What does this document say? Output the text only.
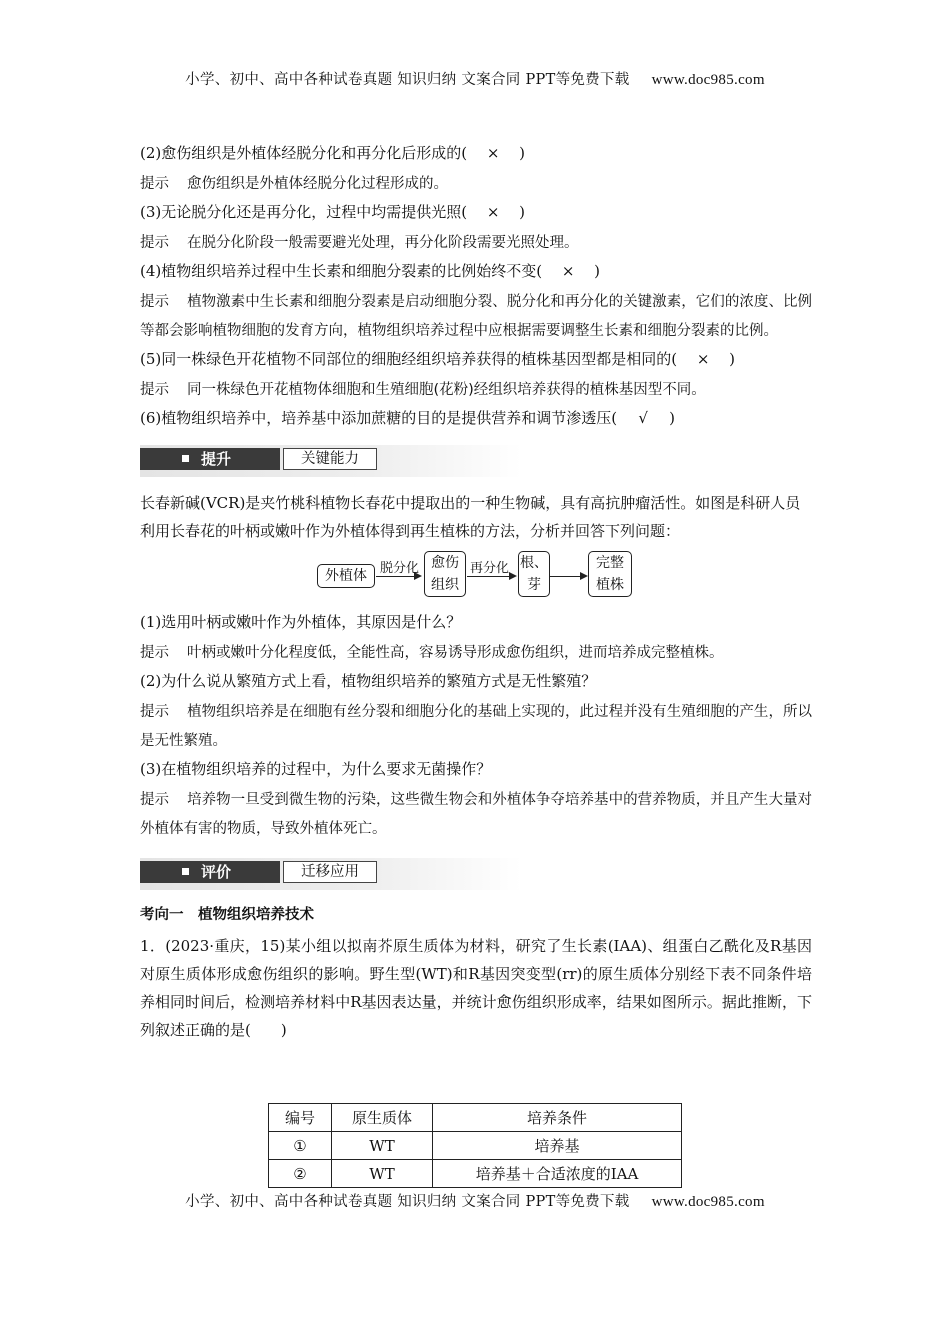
小学、初中、高中各种试卷真题 知识归纳 文案合同 PPT等免费下载 www.doc985.com
(2)愈伤组织是外植体经脱分化和再分化后形成的( × )
提示 愈伤组织是外植体经脱分化过程形成的。
(3)无论脱分化还是再分化，过程中均需提供光照( × )
提示 在脱分化阶段一般需要避光处理，再分化阶段需要光照处理。
(4)植物组织培养过程中生长素和细胞分裂素的比例始终不变( × )
提示 植物激素中生长素和细胞分裂素是启动细胞分裂、脱分化和再分化的关键激素，它们的浓度、比例等都会影响植物细胞的发育方向，植物组织培养过程中应根据需要调整生长素和细胞分裂素的比例。
(5)同一株绿色开花植物不同部位的细胞经组织培养获得的植株基因型都是相同的( × )
提示 同一株绿色开花植物体细胞和生殖细胞(花粉)经组织培养获得的植株基因型不同。
(6)植物组织培养中，培养基中添加蔗糖的目的是提供营养和调节渗透压( √ )
提升	关键能力
长春新碱(VCR)是夹竹桃科植物长春花中提取出的一种生物碱，具有高抗肿瘤活性。如图是科研人员利用长春花的叶柄或嫩叶作为外植体得到再生植株的方法，分析并回答下列问题：
外植体	脱分化 愈伤
组织
再分化 根、
芽
完整
植株
(1)选用叶柄或嫩叶作为外植体，其原因是什么？
提示 叶柄或嫩叶分化程度低，全能性高，容易诱导形成愈伤组织，进而培养成完整植株。
(2)为什么说从繁殖方式上看，植物组织培养的繁殖方式是无性繁殖？
提示 植物组织培养是在细胞有丝分裂和细胞分化的基础上实现的，此过程并没有生殖细胞的产生，所以是无性繁殖。
(3)在植物组织培养的过程中，为什么要求无菌操作？
提示 培养物一旦受到微生物的污染，这些微生物会和外植体争夺培养基中的营养物质，并且产生大量对外植体有害的物质，导致外植体死亡。
评价	迁移应用
考向一　植物组织培养技术
1．(2023·重庆，15)某小组以拟南芥原生质体为材料，研究了生长素(IAA)、组蛋白乙酰化及R基因对原生质体形成愈伤组织的影响。野生型(WT)和R基因突变型(rr)的原生质体分别经下表不同条件培养相同时间后，检测培养材料中R基因表达量，并统计愈伤组织形成率，结果如图所示。据此推断，下列叙述正确的是(　　)
编号	原生质体	培养条件
①	WT	培养基
②	WT	培养基＋合适浓度的IAA
小学、初中、高中各种试卷真题 知识归纳 文案合同 PPT等免费下载 www.doc985.com
